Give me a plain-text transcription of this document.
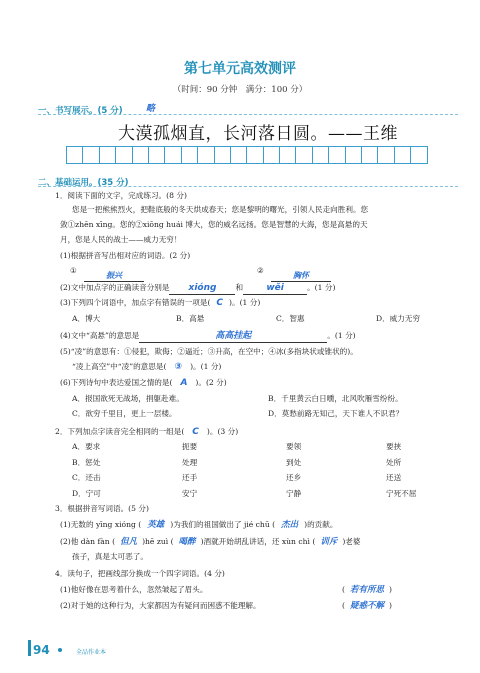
第七单元高效测评
（时间：90 分钟　满分：100 分）
一、书写展示。(5 分)	略
大漠孤烟直，长河落日圆。——王维
二、基础运用。(35 分)
1．阅读下面的文字，完成练习。(8 分)
您是一把熊熊烈火，把鞋底般的冬天烘成春天；您是黎明的曙光，引领人民走向胜利。您
敛①zhēn xīng。您的②xiōng huái 博大，您的威名远扬。您是智慧的大海，您是高悬的天
月，您是人民的战士——威力无穷！
(1)根据拼音写出相对应的词语。(2 分)
①
振兴
②
胸怀
(2)文中加点字的正确读音分别是 xióng	和	wěi	。(1 分)
(3)下列四个词语中，加点字有错误的一项是( C )。(1 分)
A．博大	B．高悬	C．智惠	D．威力无穷
(4)文中“高悬”的意思是	高高挂起	。(1 分)
(5)“凌”的意思有：①侵犯，欺侮；②逼近；③升高，在空中；④冰(多指块状或锥状的)。
“凌上高空”中“凌”的意思是( ③ )。(1 分)
(6)下列诗句中表达爱国之情的是( A )。(2 分)
A．报国欲死无战场，捐躯赴难。	B．千里黄云白日曛，北风吹雁雪纷纷。
C．欲穷千里目，更上一层楼。	D．莫愁前路无知己，天下谁人不识君？
2．下列加点字读音完全相同的一组是( C )。(3 分)
A．要求	扼要	要领	要挟
B．惩处	处理	到处	处所
C．还击	还手	还乡	还送
D．宁可	安宁	宁静	宁死不屈
3．根据拼音写词语。(5 分)
(1)无数的 yīng xióng ( 英雄 )为我们的祖国做出了 jié chū ( 杰出 )的贡献。
(2)他 dàn fàn ( 但凡 )hē zuì ( 喝醉 )酒就开始胡乱讲话，还 xùn chì ( 训斥 )老婆
孩子，真是太可恶了。
4．读句子，把画线部分换成一个四字词语。(4 分)
(1)他好像在思考着什么，忽然皱起了眉头。	( 若有所思 )
(2)对于她的这种行为，大家都因为有疑问而困惑不能理解。	( 疑惑不解 )
94	全品作业本
